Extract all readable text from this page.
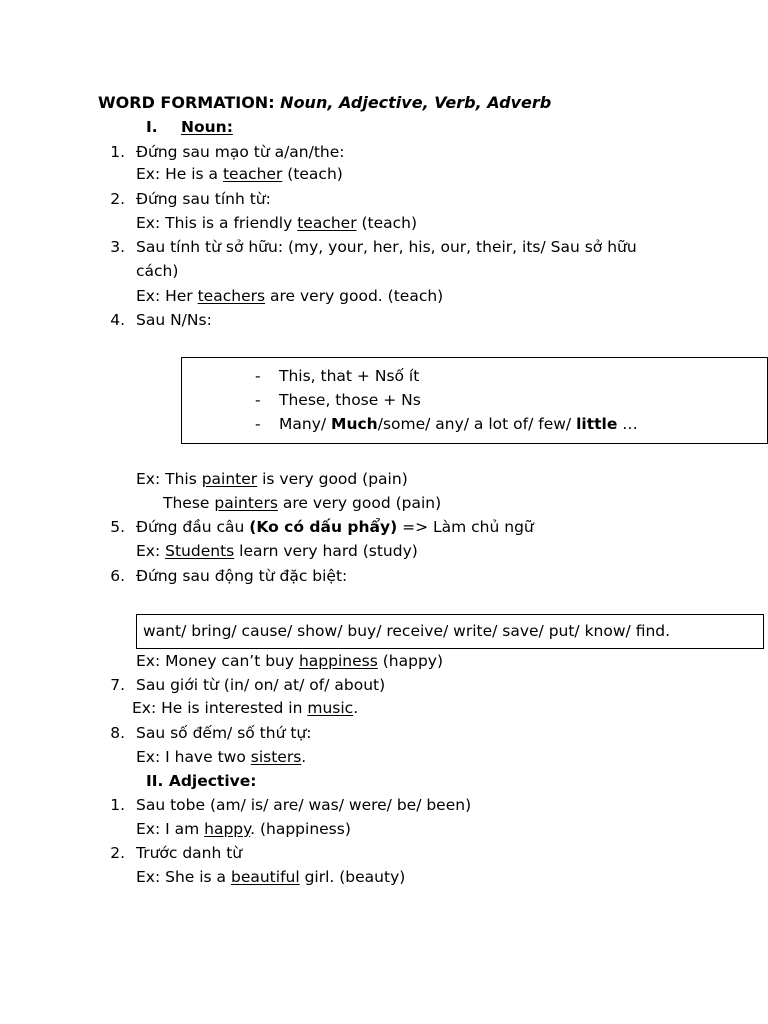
WORD FORMATION: Noun, Adjective, Verb, Adverb
I. Noun:
1. Đứng sau mạo từ a/an/the:
Ex: He is a teacher (teach)
2. Đứng sau tính từ:
Ex: This is a friendly teacher (teach)
3. Sau tính từ sở hữu: (my, your, her, his, our, their, its/ Sau sở hữu
cách)
Ex: Her teachers are very good. (teach)
4. Sau N/Ns:
- This, that + Nsố ít
- These, those + Ns
- Many/ Much/some/ any/ a lot of/ few/ little …
Ex: This painter is very good (pain)
These painters are very good (pain)
5. Đứng đầu câu (Ko có dấu phẩy) => Làm chủ ngữ
Ex: Students learn very hard (study)
6. Đứng sau động từ đặc biệt:
want/ bring/ cause/ show/ buy/ receive/ write/ save/ put/ know/ find.
Ex: Money can’t buy happiness (happy)
7. Sau giới từ (in/ on/ at/ of/ about)
Ex: He is interested in music.
8. Sau số đếm/ số thứ tự:
Ex: I have two sisters.
II. Adjective:
1. Sau tobe (am/ is/ are/ was/ were/ be/ been)
Ex: I am happy. (happiness)
2. Trước danh từ
Ex: She is a beautiful girl. (beauty)
